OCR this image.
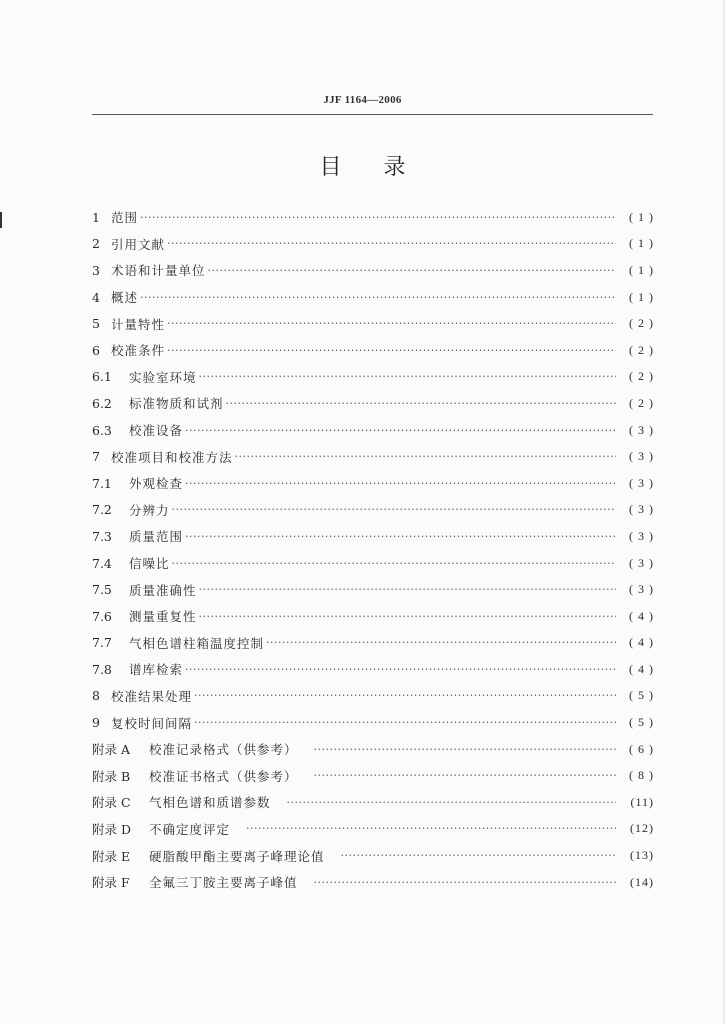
JJF 1164—2006
目 录
1 范围 ·····	( 1 )
2 引用文献 ·····	( 1 )
3 术语和计量单位 ·····	( 1 )
4 概述 ·····	( 1 )
5 计量特性 ·····	( 2 )
6 校准条件 ·····	( 2 )
6.1	实验室环境 ·····	( 2 )
6.2	标准物质和试剂 ·····	( 2 )
6.3	校准设备 ·····	( 3 )
7 校准项目和校准方法 ·····	( 3 )
7.1	外观检查 ·····	( 3 )
7.2	分辨力 ·····	( 3 )
7.3	质量范围 ·····	( 3 )
7.4	信噪比 ·····	( 3 )
7.5	质量准确性 ·····	( 3 )
7.6	测量重复性 ·····	( 4 )
7.7	气相色谱柱箱温度控制 ·····	( 4 )
7.8	谱库检索 ·····	( 4 )
8 校准结果处理 ·····	( 5 )
9 复校时间间隔 ·····	( 5 )
附录 A	校准记录格式（供参考） ·····	( 6 )
附录 B	校准证书格式（供参考） ·····	( 8 )
附录 C	气相色谱和质谱参数 ·····	(11)
附录 D	不确定度评定 ·····	(12)
附录 E	硬脂酸甲酯主要离子峰理论值 ·····	(13)
附录 F	全氟三丁胺主要离子峰值 ·····	(14)
